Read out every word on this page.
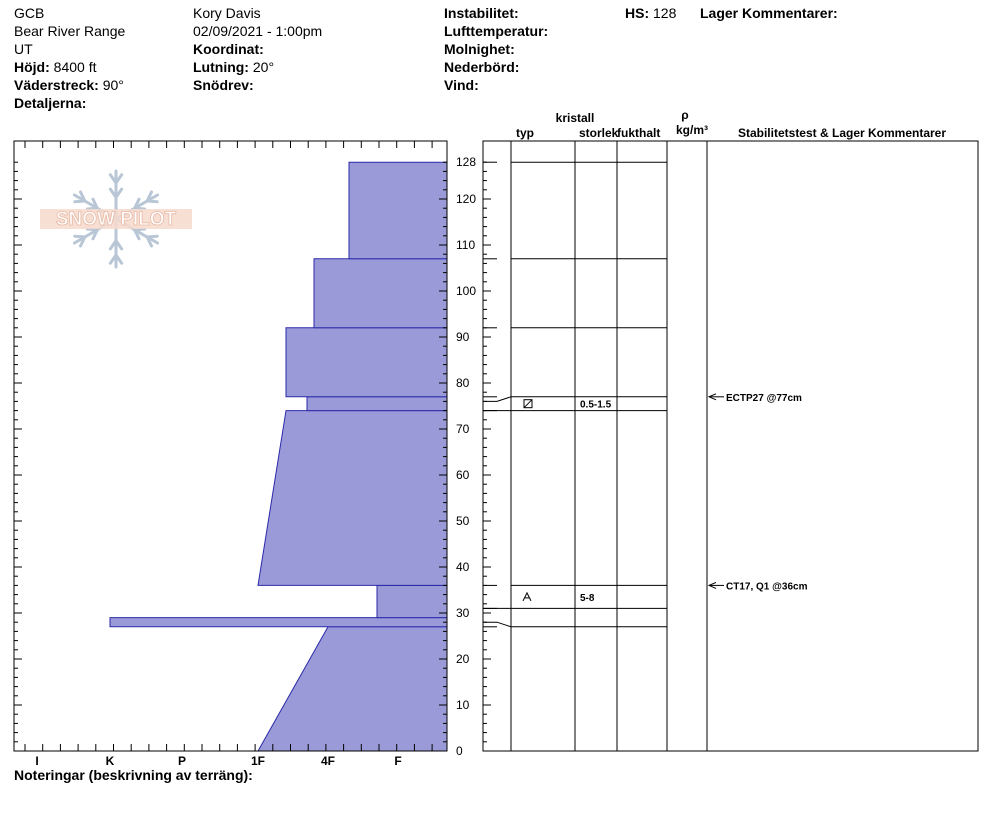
GCB
Bear River Range
UT
Höjd: 8400 ft
Väderstreck: 90°
Detaljerna:
Kory Davis
02/09/2021 - 1:00pm
Koordinat:
Lutning: 20°
Snödrev:
Instabilitet:
Lufttemperatur:
Molnighet:
Nederbörd:
Vind:
HS: 128 Lager Kommentarer:
Noteringar (beskrivning av terräng):
SNOW PILOT
I	K	P	1F	4F	F
0
10
20
30
40
50
60
70
80
90
100
110
120
128
0.5-1.5
5-8
ECTP27 @77cm
CT17, Q1 @36cm
kristall
typ	storlek
fukthalt
ρ
kg/m³ Stabilitetstest & Lager Kommentarer
